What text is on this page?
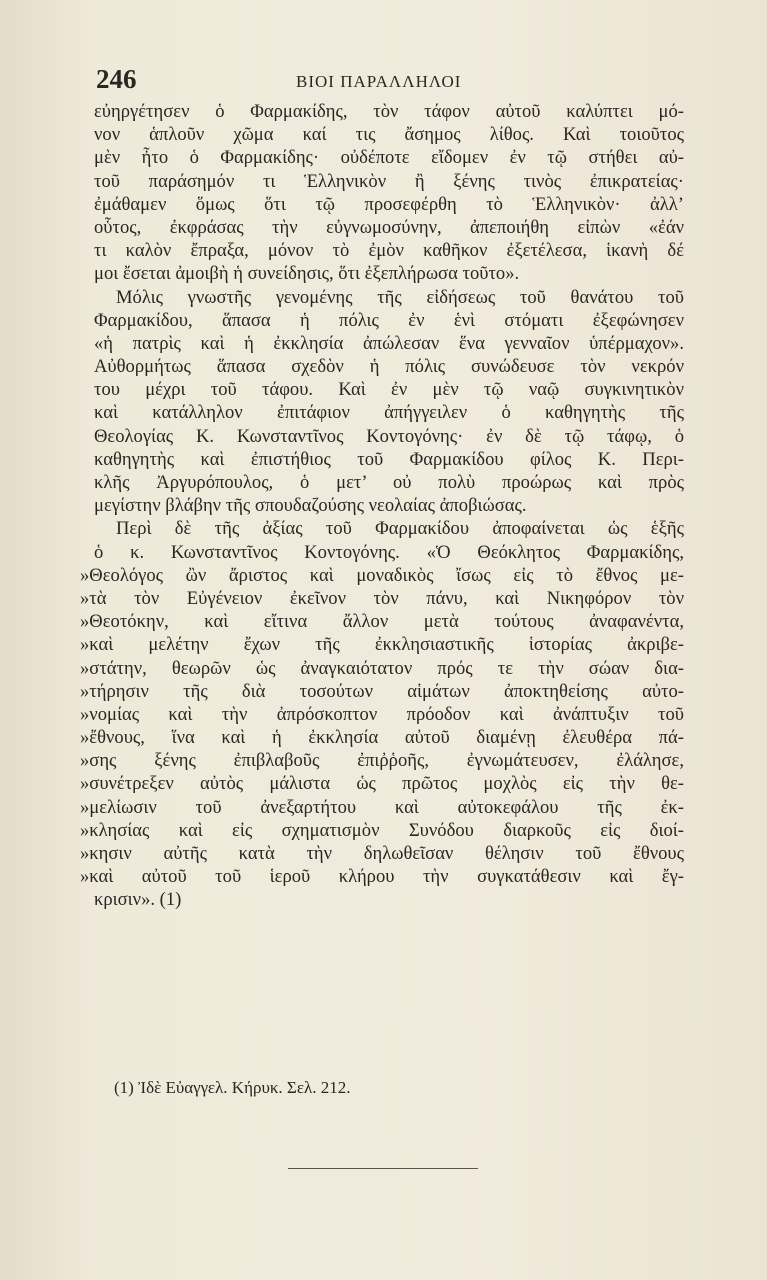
246	ΒΙΟΙ ΠΑΡΑΛΛΗΛΟΙ
εὐηργέτησεν ὁ Φαρμακίδης, τὸν τάφον αὐτοῦ καλύπτει μό-
νον ἁπλοῦν χῶμα καί τις ἄσημος λίθος. Καὶ τοιοῦτος
μὲν ἦτο ὁ Φαρμακίδης· οὐδέποτε εἴδομεν ἐν τῷ στήθει αὐ-
τοῦ παράσημόν τι Ἑλληνικὸν ἢ ξένης τινὸς ἐπικρατείας·
ἐμάθαμεν ὅμως ὅτι τῷ προσεφέρθη τὸ Ἑλληνικὸν· ἀλλ’
οὗτος, ἐκφράσας τὴν εὐγνωμοσύνην, ἀπεποιήθη εἰπὼν «ἐάν
τι καλὸν ἔπραξα, μόνον τὸ ἐμὸν καθῆκον ἐξετέλεσα, ἱκανὴ δέ
μοι ἔσεται ἀμοιβὴ ἡ συνείδησις, ὅτι ἐξεπλήρωσα τοῦτο».
Μόλις γνωστῆς γενομένης τῆς εἰδήσεως τοῦ θανάτου τοῦ
Φαρμακίδου, ἅπασα ἡ πόλις ἐν ἑνὶ στόματι ἐξεφώνησεν
«ἡ πατρὶς καὶ ἡ ἐκκλησία ἀπώλεσαν ἕνα γενναῖον ὑπέρμαχον».
Αὐθορμήτως ἅπασα σχεδὸν ἡ πόλις συνώδευσε τὸν νεκρόν
του μέχρι τοῦ τάφου. Καὶ ἐν μὲν τῷ ναῷ συγκινητικὸν
καὶ κατάλληλον ἐπιτάφιον ἀπήγγειλεν ὁ καθηγητὴς τῆς
Θεολογίας Κ. Κωνσταντῖνος Κοντογόνης· ἐν δὲ τῷ τάφῳ, ὁ
καθηγητὴς καὶ ἐπιστήθιος τοῦ Φαρμακίδου φίλος Κ. Περι-
κλῆς Ἀργυρόπουλος, ὁ μετ’ οὐ πολὺ προώρως καὶ πρὸς
μεγίστην βλάβην τῆς σπουδαζούσης νεολαίας ἀποβιώσας.
Περὶ δὲ τῆς ἀξίας τοῦ Φαρμακίδου ἀποφαίνεται ὡς ἑξῆς
ὁ κ. Κωνσταντῖνος Κοντογόνης. «Ὁ Θεόκλητος Φαρμακίδης,
»Θεολόγος ὢν ἄριστος καὶ μοναδικὸς ἴσως εἰς τὸ ἔθνος με-
»τὰ τὸν Εὐγένειον ἐκεῖνον τὸν πάνυ, καὶ Νικηφόρον τὸν
»Θεοτόκην, καὶ εἴτινα ἄλλον μετὰ τούτους ἀναφανέντα,
»καὶ μελέτην ἔχων τῆς ἐκκλησιαστικῆς ἱστορίας ἀκριβε-
»στάτην, θεωρῶν ὡς ἀναγκαιότατον πρός τε τὴν σώαν δια-
»τήρησιν τῆς διὰ τοσούτων αἱμάτων ἀποκτηθείσης αὐτο-
»νομίας καὶ τὴν ἀπρόσκοπτον πρόοδον καὶ ἀνάπτυξιν τοῦ
»ἔθνους, ἵνα καὶ ἡ ἐκκλησία αὐτοῦ διαμένῃ ἐλευθέρα πά-
»σης ξένης ἐπιβλαβοῦς ἐπιῤῥοῆς, ἐγνωμάτευσεν, ἐλάλησε,
»συνέτρεξεν αὐτὸς μάλιστα ὡς πρῶτος μοχλὸς εἰς τὴν θε-
»μελίωσιν τοῦ ἀνεξαρτήτου καὶ αὐτοκεφάλου τῆς ἐκ-
»κλησίας καὶ εἰς σχηματισμὸν Συνόδου διαρκοῦς εἰς διοί-
»κησιν αὐτῆς κατὰ τὴν δηλωθεῖσαν θέλησιν τοῦ ἔθνους
»καὶ αὐτοῦ τοῦ ἱεροῦ κλήρου τὴν συγκατάθεσιν καὶ ἔγ-
κρισιν». (1)
(1) Ἰδὲ Εὐαγγελ. Κήρυκ. Σελ. 212.
